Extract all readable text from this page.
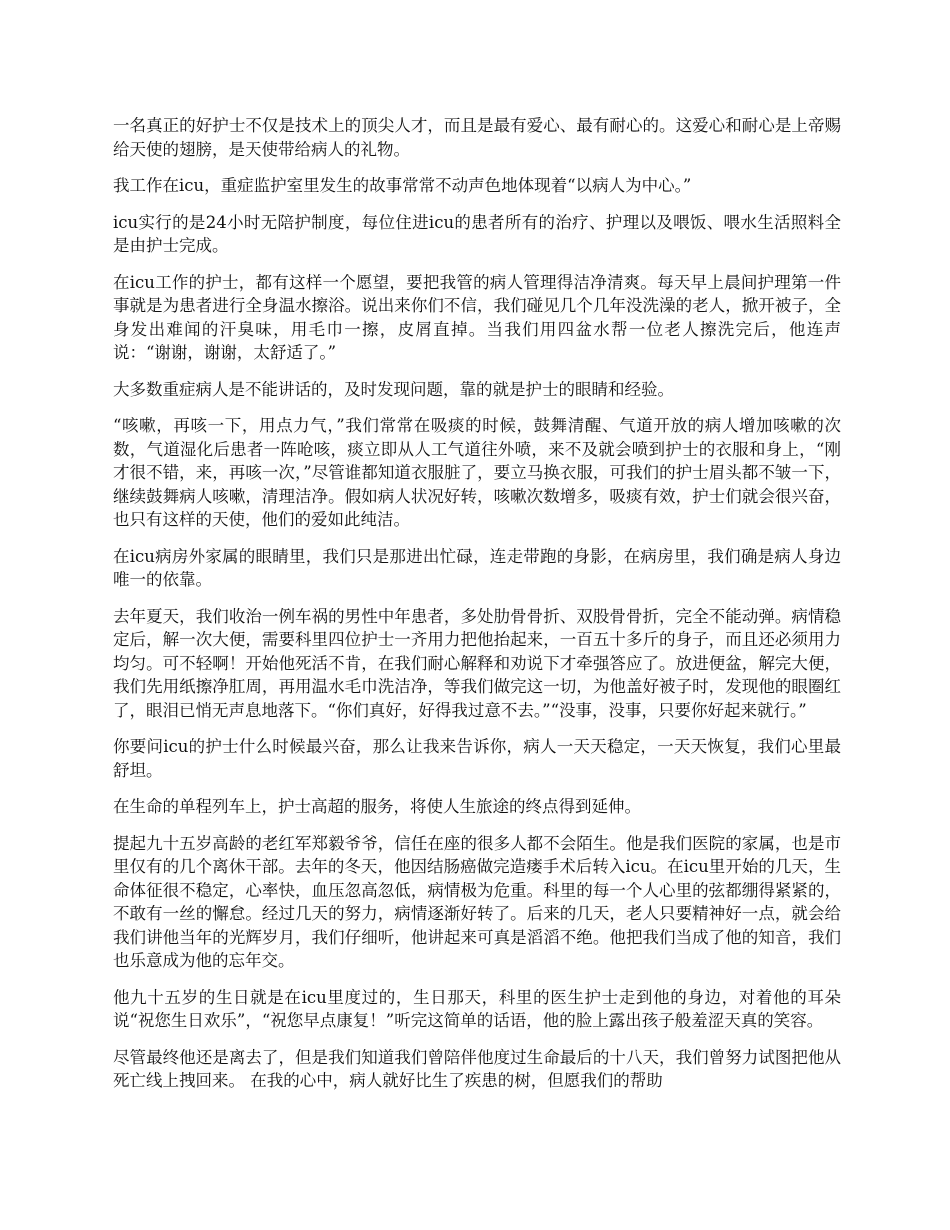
一名真正的好护士不仅是技术上的顶尖人才，而且是最有爱心、最有耐心的。这爱心和耐心是上帝赐给天使的翅膀，是天使带给病人的礼物。

我工作在icu，重症监护室里发生的故事常常不动声色地体现着“以病人为中心。”

icu实行的是24小时无陪护制度，每位住进icu的患者所有的治疗、护理以及喂饭、喂水生活照料全是由护士完成。

在icu工作的护士，都有这样一个愿望，要把我管的病人管理得洁净清爽。每天早上晨间护理第一件事就是为患者进行全身温水擦浴。说出来你们不信，我们碰见几个几年没洗澡的老人，掀开被子，全身发出难闻的汗臭味，用毛巾一擦，皮屑直掉。当我们用四盆水帮一位老人擦洗完后，他连声说：“谢谢，谢谢，太舒适了。”

大多数重症病人是不能讲话的，及时发现问题，靠的就是护士的眼睛和经验。

“咳嗽，再咳一下，用点力气，”我们常常在吸痰的时候，鼓舞清醒、气道开放的病人增加咳嗽的次数，气道湿化后患者一阵呛咳，痰立即从人工气道往外喷，来不及就会喷到护士的衣服和身上，“刚才很不错，来，再咳一次，”尽管谁都知道衣服脏了，要立马换衣服，可我们的护士眉头都不皱一下，继续鼓舞病人咳嗽，清理洁净。假如病人状况好转，咳嗽次数增多，吸痰有效，护士们就会很兴奋，也只有这样的天使，他们的爱如此纯洁。

在icu病房外家属的眼睛里，我们只是那进出忙碌，连走带跑的身影，在病房里，我们确是病人身边唯一的依靠。

去年夏天，我们收治一例车祸的男性中年患者，多处肋骨骨折、双股骨骨折，完全不能动弹。病情稳定后，解一次大便，需要科里四位护士一齐用力把他抬起来，一百五十多斤的身子，而且还必须用力均匀。可不轻啊！开始他死活不肯，在我们耐心解释和劝说下才牵强答应了。放进便盆，解完大便，我们先用纸擦净肛周，再用温水毛巾洗洁净，等我们做完这一切，为他盖好被子时，发现他的眼圈红了，眼泪已悄无声息地落下。“你们真好，好得我过意不去。”“没事，没事，只要你好起来就行。”

你要问icu的护士什么时候最兴奋，那么让我来告诉你，病人一天天稳定，一天天恢复，我们心里最舒坦。

在生命的单程列车上，护士高超的服务，将使人生旅途的终点得到延伸。

提起九十五岁高龄的老红军郑毅爷爷，信任在座的很多人都不会陌生。他是我们医院的家属，也是市里仅有的几个离休干部。去年的冬天，他因结肠癌做完造瘘手术后转入icu。在icu里开始的几天，生命体征很不稳定，心率快，血压忽高忽低，病情极为危重。科里的每一个人心里的弦都绷得紧紧的，不敢有一丝的懈怠。经过几天的努力，病情逐渐好转了。后来的几天，老人只要精神好一点，就会给我们讲他当年的光辉岁月，我们仔细听，他讲起来可真是滔滔不绝。他把我们当成了他的知音，我们也乐意成为他的忘年交。

他九十五岁的生日就是在icu里度过的，生日那天，科里的医生护士走到他的身边，对着他的耳朵说“祝您生日欢乐”，“祝您早点康复！”听完这简单的话语，他的脸上露出孩子般羞涩天真的笑容。

尽管最终他还是离去了，但是我们知道我们曾陪伴他度过生命最后的十八天，我们曾努力试图把他从死亡线上拽回来。 在我的心中，病人就好比生了疾患的树，但愿我们的帮助
